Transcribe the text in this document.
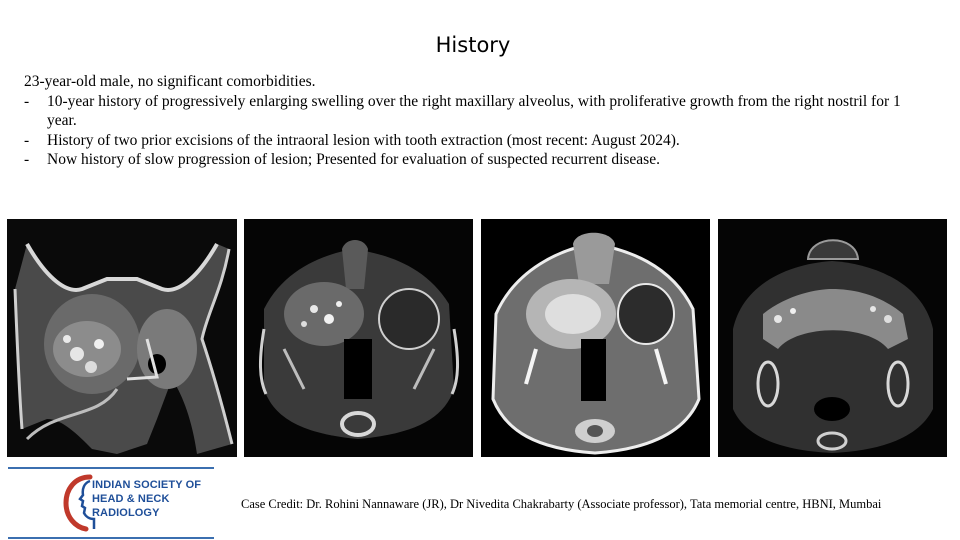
History

23-year-old male, no significant comorbidities.

- 10-year history of progressively enlarging swelling over the right maxillary alveolus, with proliferative growth from the right nostril for 1 year.
- History of two prior excisions of the intraoral lesion with tooth extraction (most recent: August 2024).
- Now history of slow progression of lesion; Presented for evaluation of suspected recurrent disease.
INDIAN SOCIETY OF
HEAD & NECK
RADIOLOGY
Case Credit: Dr. Rohini Nannaware (JR), Dr Nivedita Chakrabarty (Associate professor), Tata memorial centre, HBNI, Mumbai
